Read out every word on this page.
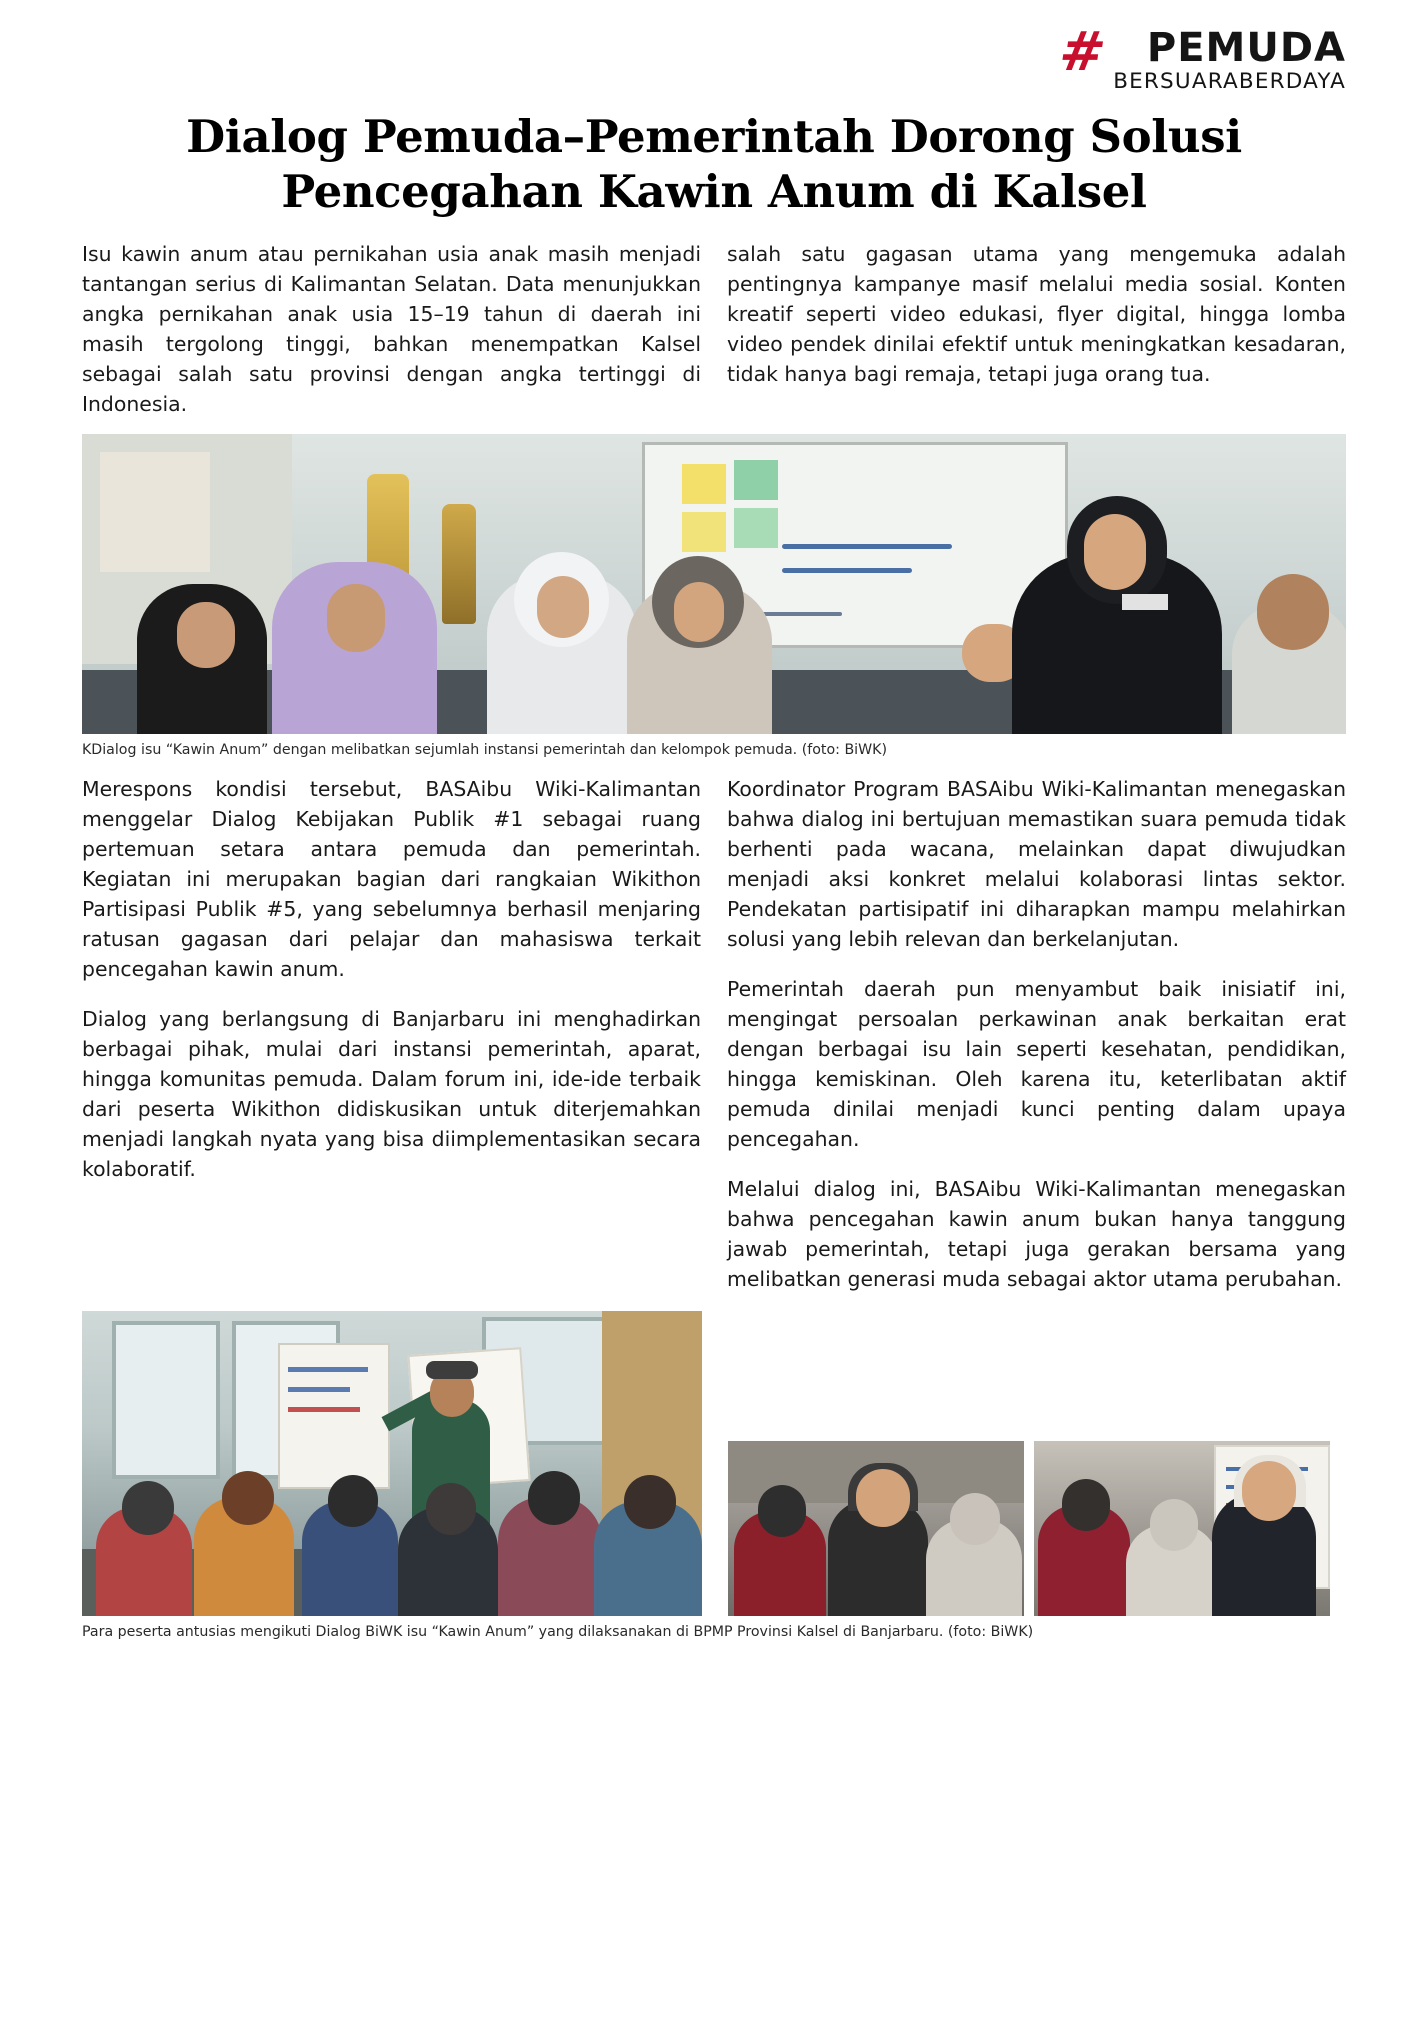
# PEMUDA
BERSUARABERDAYA
Dialog Pemuda–Pemerintah Dorong Solusi Pencegahan Kawin Anum di Kalsel

Isu kawin anum atau pernikahan usia anak masih menjadi tantangan serius di Kalimantan Selatan. Data menunjukkan angka pernikahan anak usia 15–19 tahun di daerah ini masih tergolong tinggi, bahkan menempatkan Kalsel sebagai salah satu provinsi dengan angka tertinggi di Indonesia.

salah satu gagasan utama yang mengemuka adalah pentingnya kampanye masif melalui media sosial. Konten kreatif seperti video edukasi, flyer digital, hingga lomba video pendek dinilai efektif untuk meningkatkan kesadaran, tidak hanya bagi remaja, tetapi juga orang tua.

KDialog isu “Kawin Anum” dengan melibatkan sejumlah instansi pemerintah dan kelompok pemuda. (foto: BiWK)

Merespons kondisi tersebut, BASAibu Wiki-Kalimantan menggelar Dialog Kebijakan Publik #1 sebagai ruang pertemuan setara antara pemuda dan pemerintah. Kegiatan ini merupakan bagian dari rangkaian Wikithon Partisipasi Publik #5, yang sebelumnya berhasil menjaring ratusan gagasan dari pelajar dan mahasiswa terkait pencegahan kawin anum.

Dialog yang berlangsung di Banjarbaru ini menghadirkan berbagai pihak, mulai dari instansi pemerintah, aparat, hingga komunitas pemuda. Dalam forum ini, ide-ide terbaik dari peserta Wikithon didiskusikan untuk diterjemahkan menjadi langkah nyata yang bisa diimplementasikan secara kolaboratif.

Koordinator Program BASAibu Wiki-Kalimantan menegaskan bahwa dialog ini bertujuan memastikan suara pemuda tidak berhenti pada wacana, melainkan dapat diwujudkan menjadi aksi konkret melalui kolaborasi lintas sektor. Pendekatan partisipatif ini diharapkan mampu melahirkan solusi yang lebih relevan dan berkelanjutan.

Pemerintah daerah pun menyambut baik inisiatif ini, mengingat persoalan perkawinan anak berkaitan erat dengan berbagai isu lain seperti kesehatan, pendidikan, hingga kemiskinan. Oleh karena itu, keterlibatan aktif pemuda dinilai menjadi kunci penting dalam upaya pencegahan.

Melalui dialog ini, BASAibu Wiki-Kalimantan menegaskan bahwa pencegahan kawin anum bukan hanya tanggung jawab pemerintah, tetapi juga gerakan bersama yang melibatkan generasi muda sebagai aktor utama perubahan.

Para peserta antusias mengikuti Dialog BiWK isu “Kawin Anum” yang dilaksanakan di BPMP Provinsi Kalsel di Banjarbaru. (foto: BiWK)
